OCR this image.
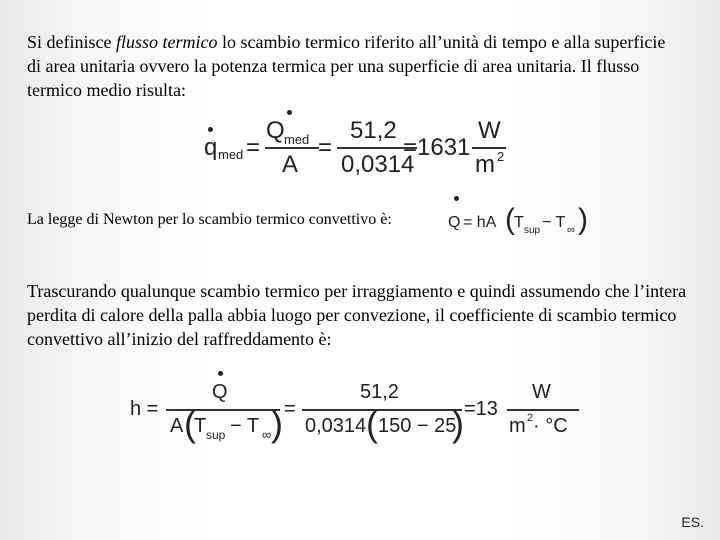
Si definisce flusso termico lo scambio termico riferito all’unità di tempo e alla superficie di area unitaria ovvero la potenza termica per una superficie di area unitaria. Il flusso termico medio risulta:
q med =
Q med
A
=
51,2
0,0314
=1631
W
m 2
La legge di Newton per lo scambio termico convettivo è:	Q = hA ( T sup − T ∞ )
Trascurando qualunque scambio termico per irraggiamento e quindi assumendo che l’intera perdita di calore della palla abbia luogo per convezione, il coefficiente di scambio termico convettivo all’inizio del raffreddamento è:
h =
Q
A (
T sup − T ∞ ) =
51,2
0,0314 ( 150 − 25
) =13
W
m 2 · °C
ES.
